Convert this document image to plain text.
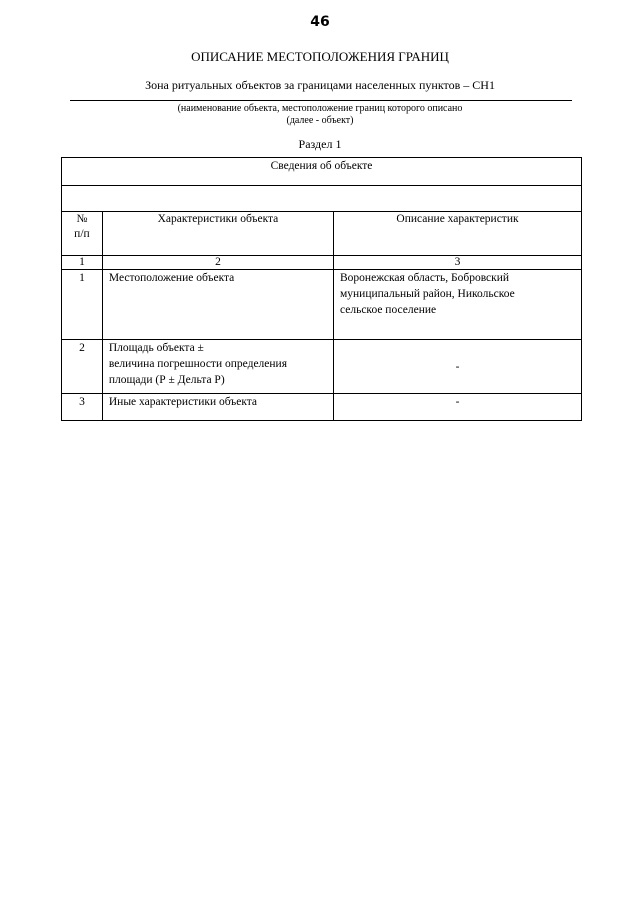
46
ОПИСАНИЕ МЕСТОПОЛОЖЕНИЯ ГРАНИЦ
Зона ритуальных объектов за границами населенных пунктов – СН1
(наименование объекта, местоположение границ которого описано
(далее - объект)
Раздел 1
Сведения об объекте		

№
п/п	Характеристики объекта	Описание характеристик
1	2	3
1	Местоположение объекта	Воронежская область, Бобровский
муниципальный район, Никольское
сельское поселение

2	Площадь объекта ±
величина погрешности определения
площади (Р ± Дельта Р)	-
3	Иные характеристики объекта	-
